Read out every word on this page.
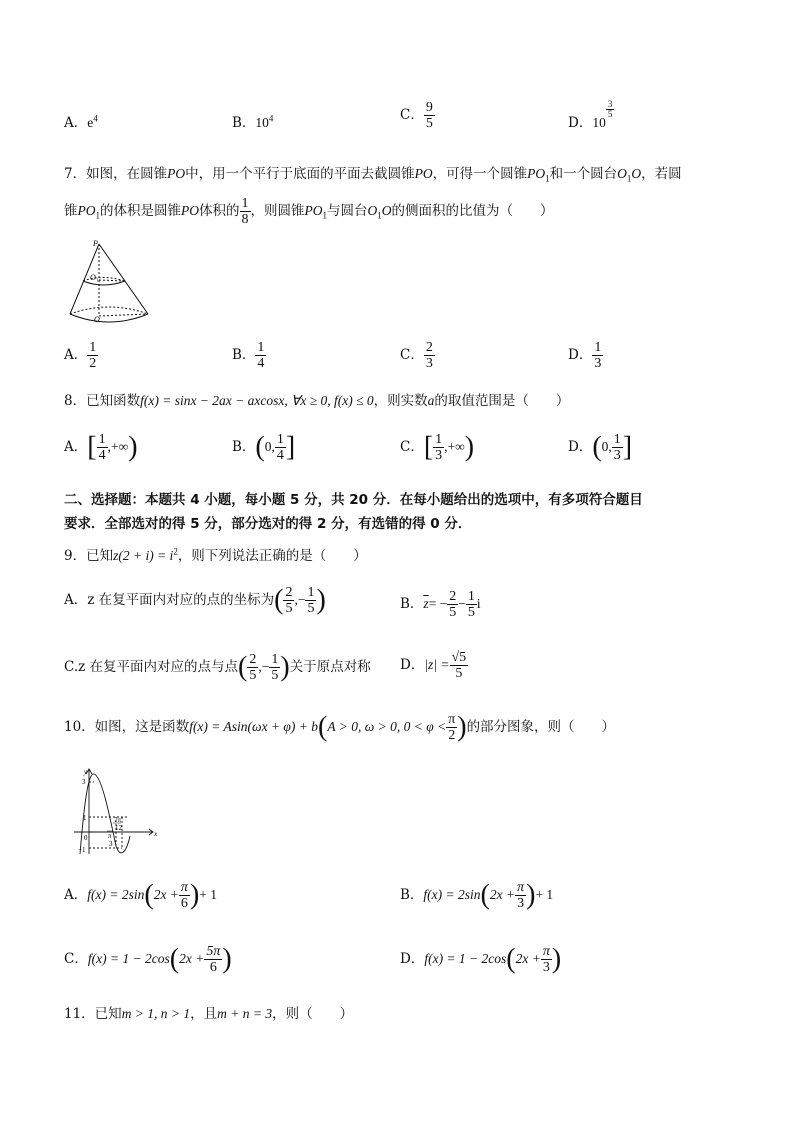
A．$e^4$	B．$10^4$	C． $\frac{9}{5}$	D．10
$\frac{3}{5}$
7．如图，在圆锥PO中，用一个平行于底面的平面去截圆锥PO，可得一个圆锥$PO_1$和一个圆台$O_1O$，若圆
锥$PO_1$的体积是圆锥PO体积的 $\frac{1}{8}$ ，则圆锥$PO_1$与圆台$O_1O$的侧面积的比值为（　　）
P
O₁
O
A． $\frac{1}{2}$	B． $\frac{1}{4}$	C． $\frac{2}{3}$	D． $\frac{1}{3}$
8．已知函数f(x) = sinx − 2ax − axcosx, ∀x ≥ 0, f(x) ≤ 0，则实数a的取值范围是（　　）
A．[ $\frac{1}{4}$ ,+∞)	B．(0, $\frac{1}{4}$ ]	C．[ $\frac{1}{3}$ ,+∞)	D．(0, $\frac{1}{3}$ ]
二、选择题：本题共 4 小题，每小题 5 分，共 20 分．在每小题给出的选项中，有多项符合题目
要求．全部选对的得 5 分，部分选对的得 2 分，有选错的得 0 分．
9．已知$z(2 + i) = i^2$，则下列说法正确的是（　　）
A．z 在复平面内对应的点的坐标为( $\frac{2}{5}$ ,− $\frac{1}{5}$ )	B．$\overline{z}= - \frac{2}{5} - \frac{1}{5}$ i
C.z 在复平面内对应的点与点( $\frac{2}{5}$ ,− $\frac{1}{5}$ )关于原点对称 D．$|z| = \frac{√5}{5}$
10．如图，这是函数f(x) = Asin(ωx + φ) + b(A > 0, ω > 0, $0 < \varphi < \frac{\pi}{2}$ )的部分图象，则（　　）
y
x
3
1
0
−1
7π
12
π
3
A．$f(x) = 2\sin(2x + \frac{\pi}{6}$ )+ 1	B．$f(x) = 2\sin(2x + \frac{\pi}{3}$ )+ 1
C．$f(x) = 1 - 2\cos(2x + \frac{5\pi}{6}$ )	D．$f(x) = 1 - 2\cos(2x + \frac{\pi}{3}$ )
11．已知m > 1, n > 1，且m + n = 3，则（　　）
